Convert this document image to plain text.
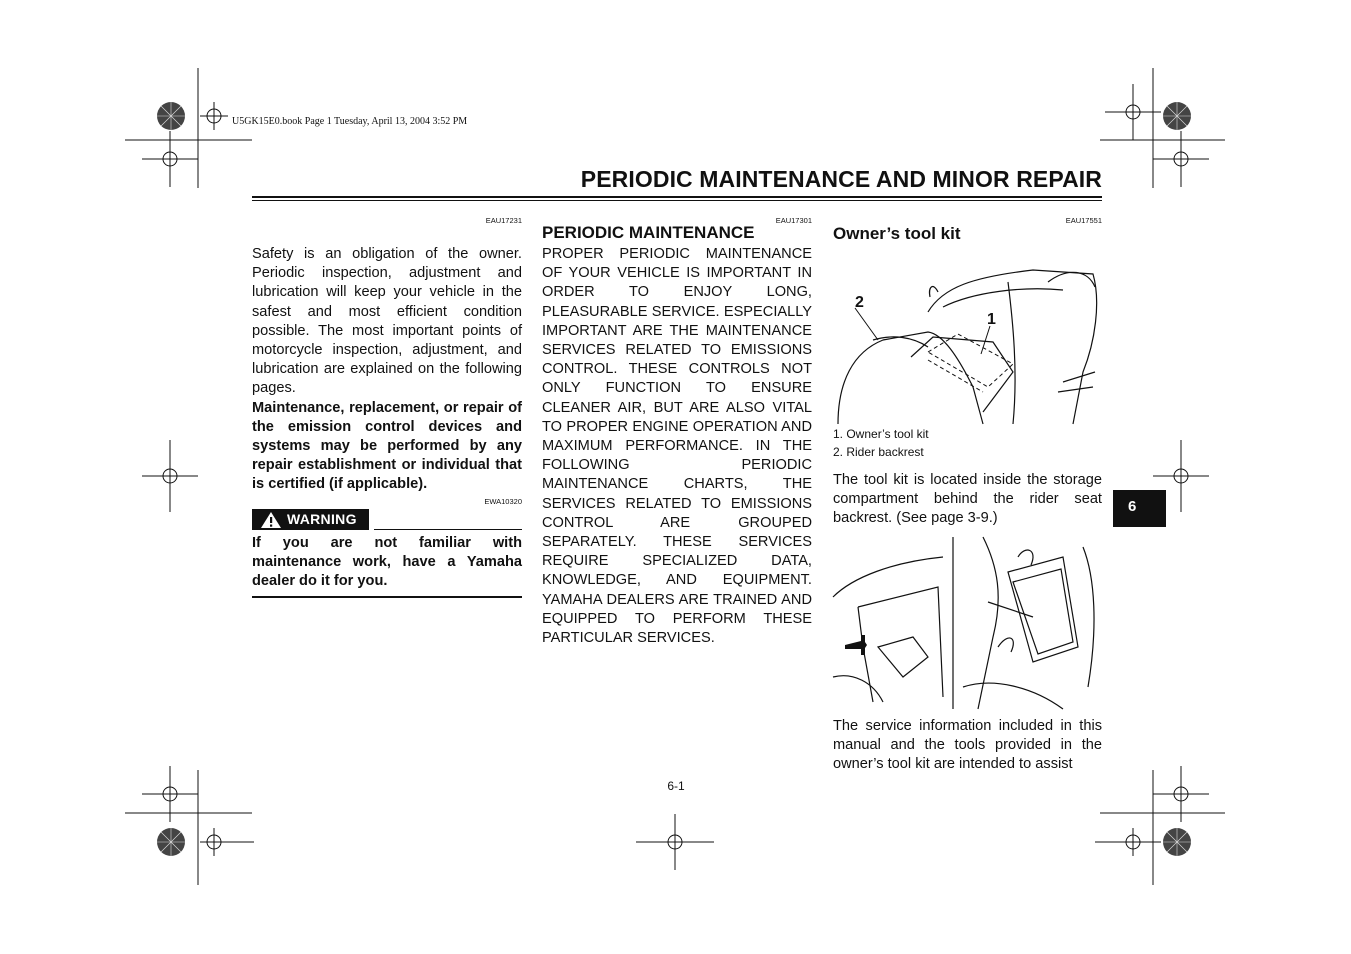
U5GK15E0.book Page 1 Tuesday, April 13, 2004 3:52 PM
PERIODIC MAINTENANCE AND MINOR REPAIR
EAU17231

Safety is an obligation of the owner. Periodic inspection, adjustment and lubrication will keep your vehicle in the safest and most efficient condition possible. The most important points of motorcycle inspection, adjustment, and lubrication are explained on the following pages.

Maintenance, replacement, or repair of the emission control devices and systems may be performed by any repair establishment or individual that is certified (if applicable).

EWA10320
WARNING
If you are not familiar with maintenance work, have a Yamaha dealer do it for you.
EAU17301
PERIODIC MAINTENANCE
PROPER PERIODIC MAINTENANCE OF YOUR VEHICLE IS IMPORTANT IN ORDER TO ENJOY LONG, PLEASURABLE SERVICE. ESPECIALLY IMPORTANT ARE THE MAINTENANCE SERVICES RELATED TO EMISSIONS CONTROL. THESE CONTROLS NOT ONLY FUNCTION TO ENSURE CLEANER AIR, BUT ARE ALSO VITAL TO PROPER ENGINE OPERATION AND MAXIMUM PERFORMANCE. IN THE FOLLOWING PERIODIC MAINTENANCE CHARTS, THE SERVICES RELATED TO EMISSIONS CONTROL ARE GROUPED SEPARATELY. THESE SERVICES REQUIRE SPECIALIZED DATA, KNOWLEDGE, AND EQUIPMENT. YAMAHA DEALERS ARE TRAINED AND EQUIPPED TO PERFORM THESE PARTICULAR SERVICES.
EAU17551
Owner’s tool kit
2
1
1. Owner’s tool kit
2. Rider backrest
The tool kit is located inside the storage compartment behind the rider seat backrest. (See page 3-9.)
The service information included in this manual and the tools provided in the owner’s tool kit are intended to assist
6-1
6
